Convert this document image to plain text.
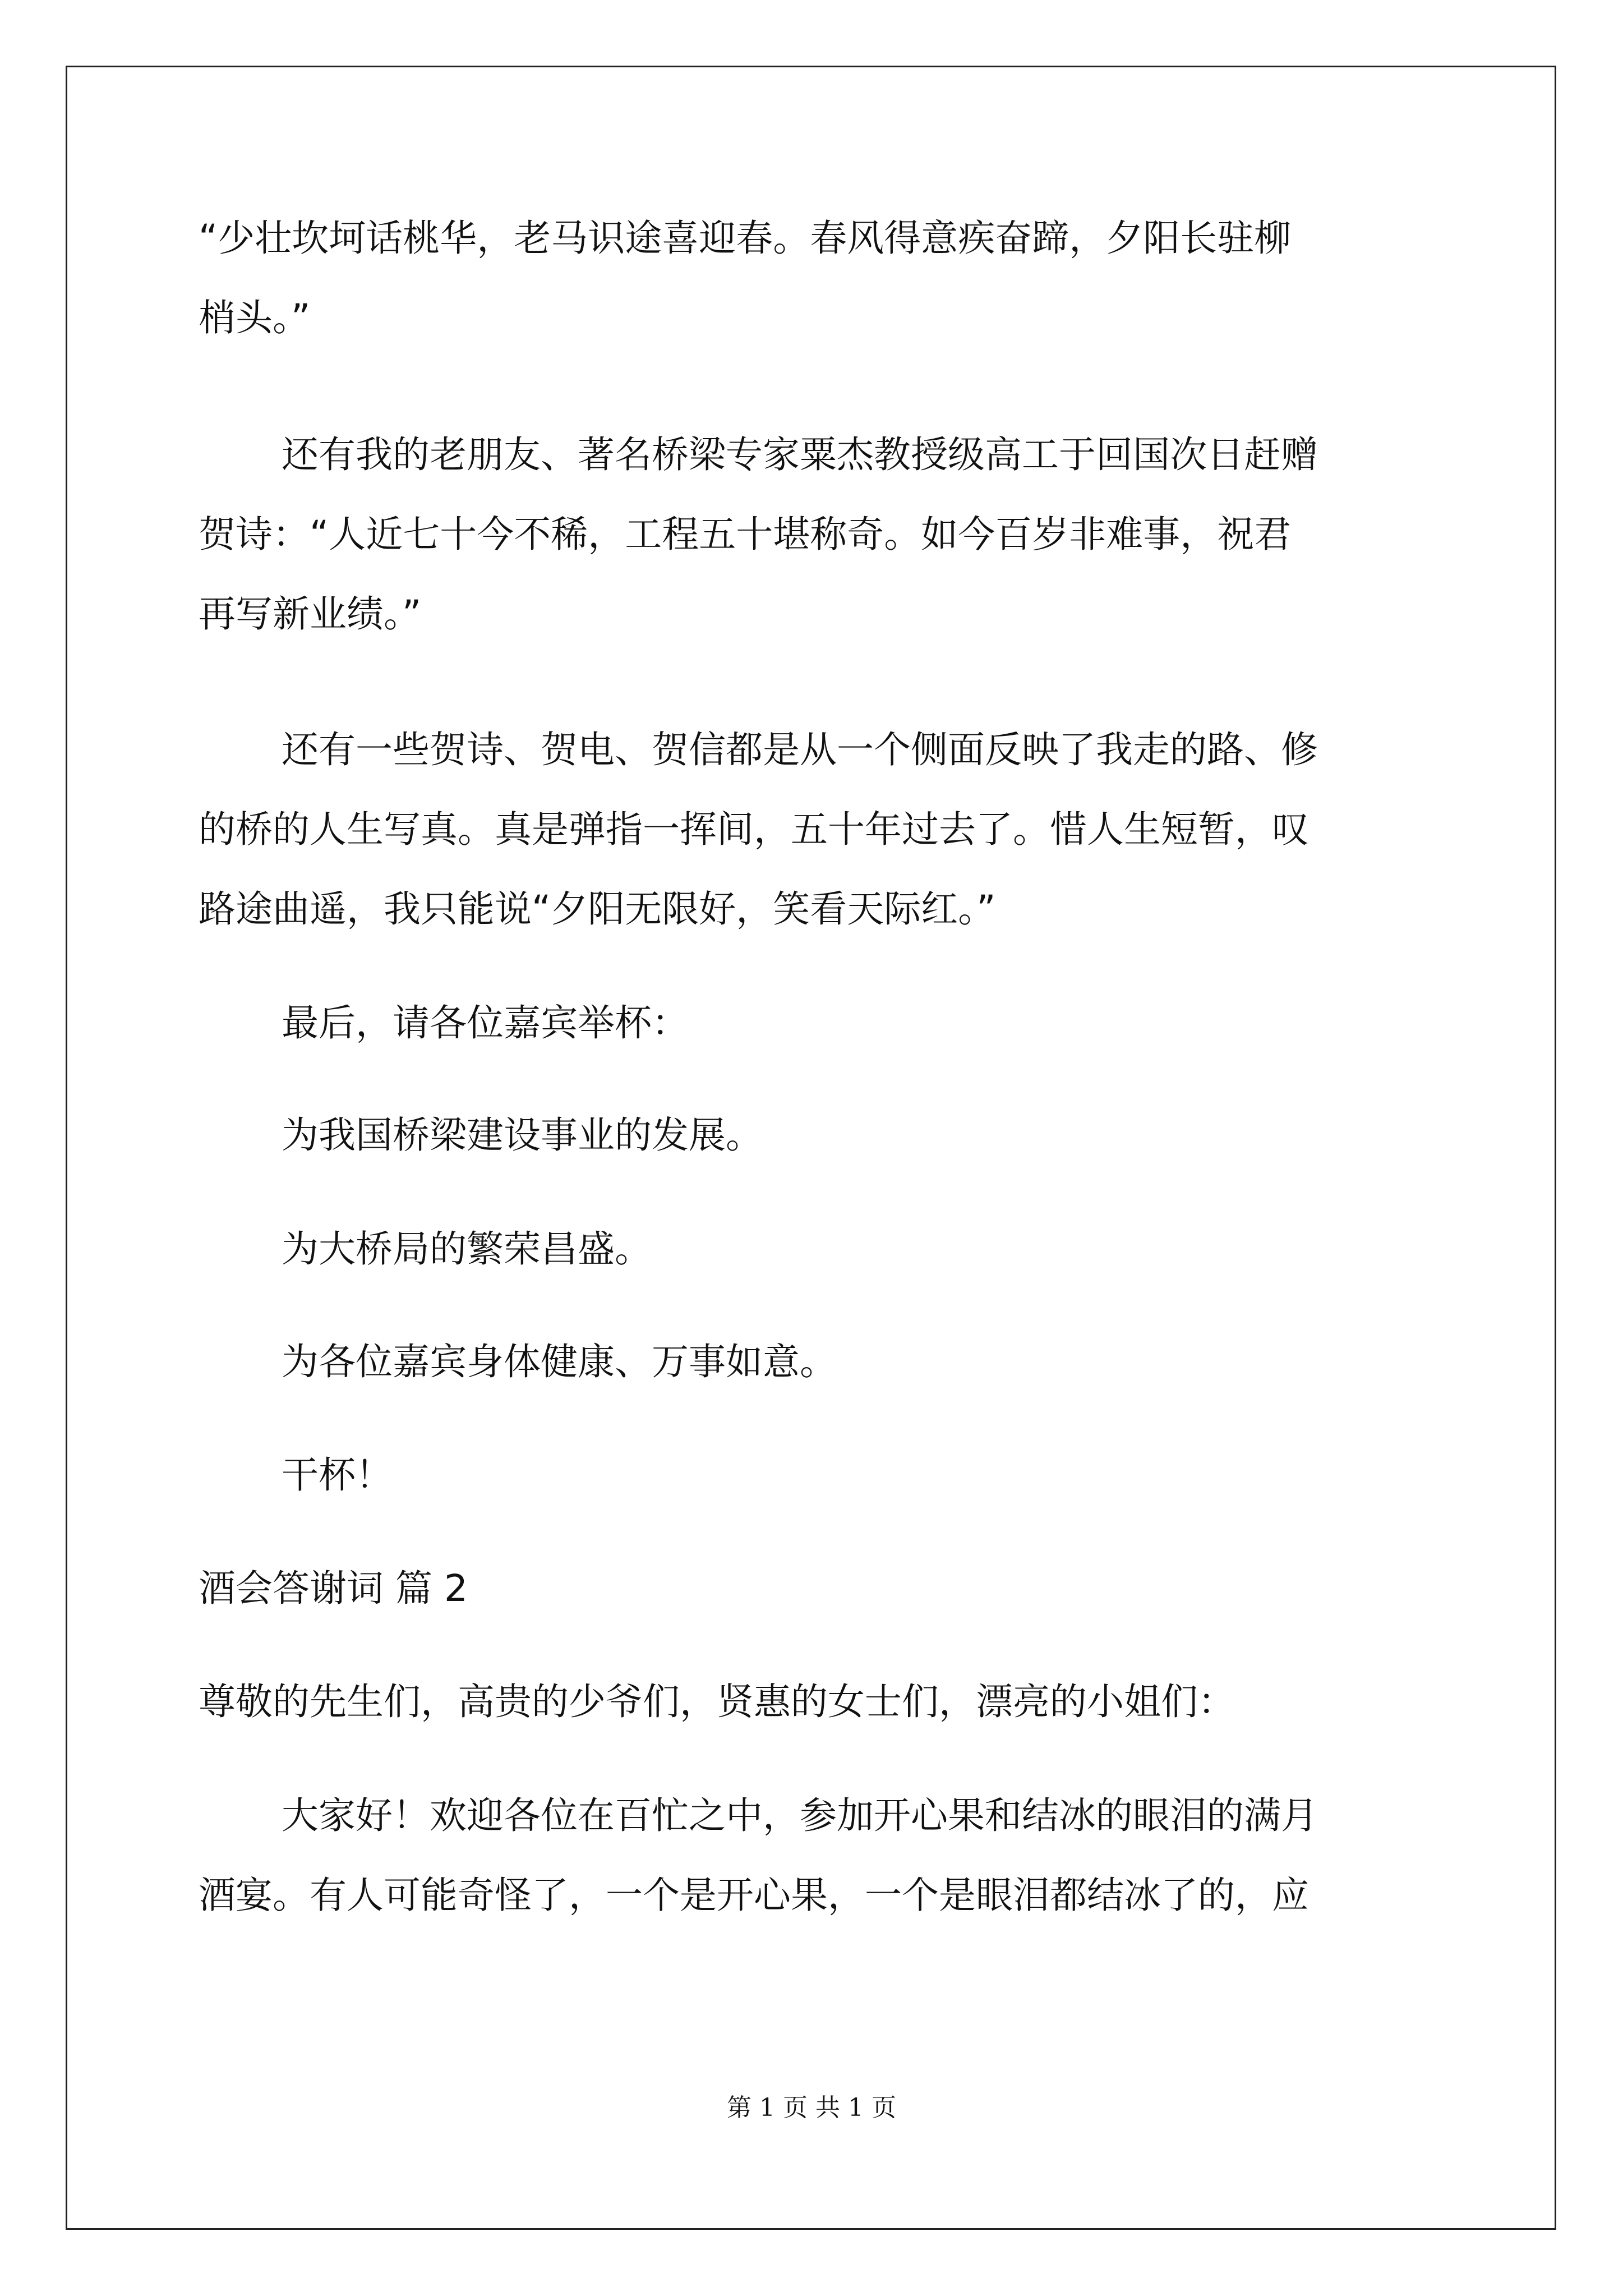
“少壮坎坷话桃华，老马识途喜迎春。春风得意疾奋蹄，夕阳长驻柳
梢头。”
还有我的老朋友、著名桥梁专家粟杰教授级高工于回国次日赶赠
贺诗：“人近七十今不稀，工程五十堪称奇。如今百岁非难事，祝君
再写新业绩。”
还有一些贺诗、贺电、贺信都是从一个侧面反映了我走的路、修
的桥的人生写真。真是弹指一挥间，五十年过去了。惜人生短暂，叹
路途曲遥，我只能说“夕阳无限好，笑看天际红。”
最后，请各位嘉宾举杯：
为我国桥梁建设事业的发展。
为大桥局的繁荣昌盛。
为各位嘉宾身体健康、万事如意。
干杯！
酒会答谢词 篇 2
尊敬的先生们，高贵的少爷们，贤惠的女士们，漂亮的小姐们：
大家好！欢迎各位在百忙之中，参加开心果和结冰的眼泪的满月
酒宴。有人可能奇怪了，一个是开心果，一个是眼泪都结冰了的，应
第 1 页 共 1 页
